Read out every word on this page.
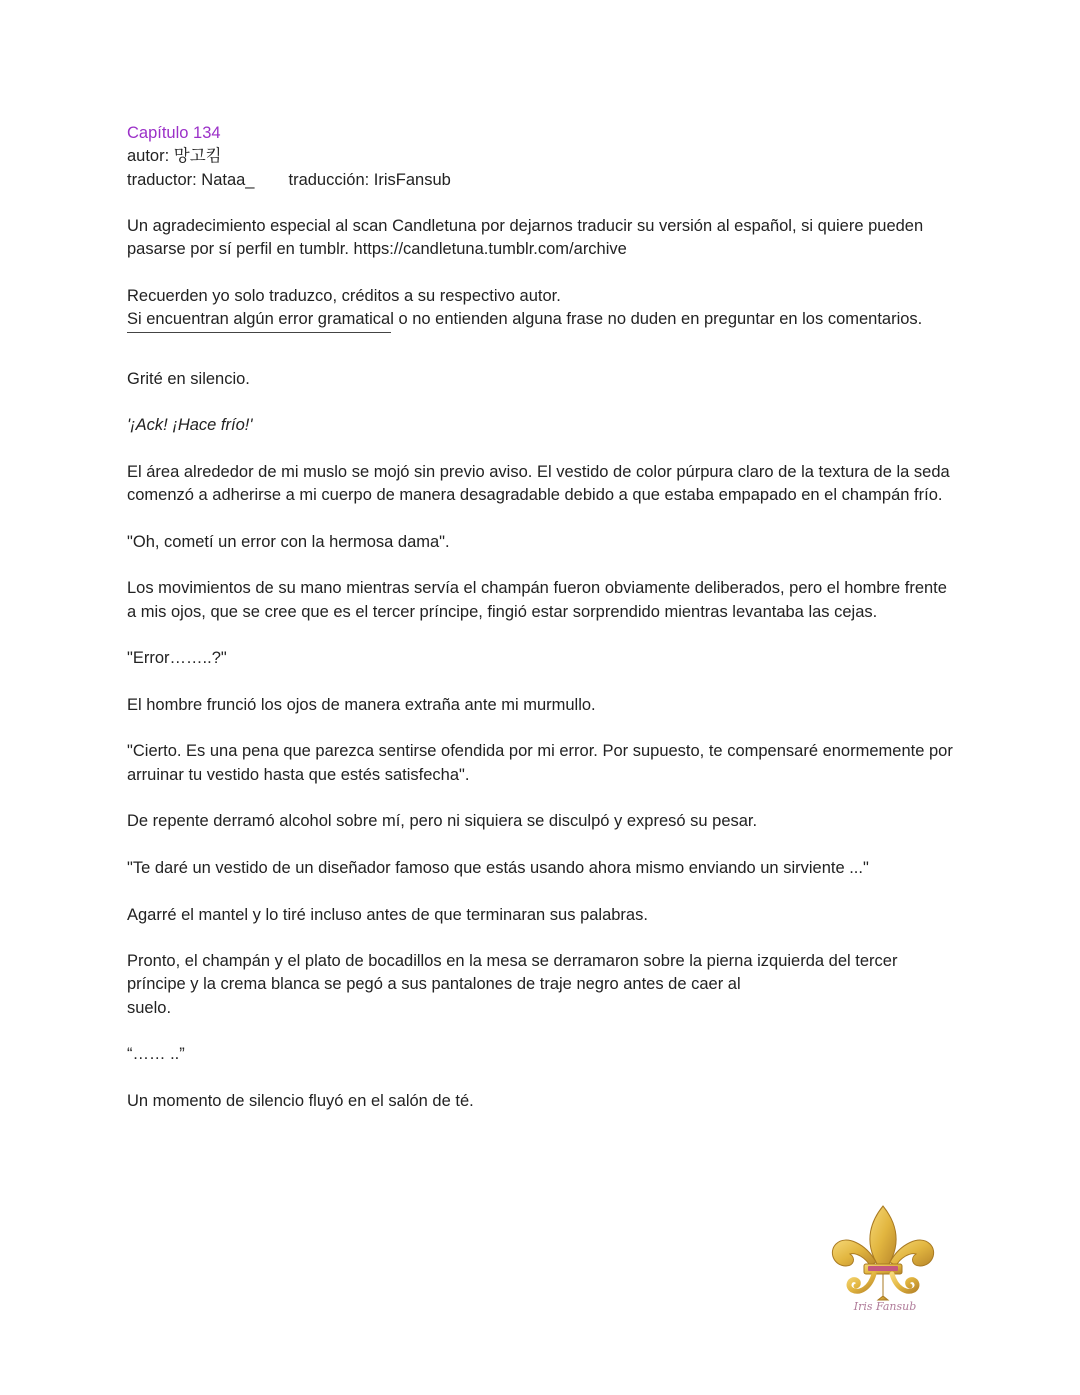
Capítulo 134

autor: 망고킴

traductor: Nataa_ traducción: IrisFansub

Un agradecimiento especial al scan Candletuna por dejarnos traducir su versión al español, si quiere pueden pasarse por sí perfil en tumblr. https://candletuna.tumblr.com/archive

Recuerden yo solo traduzco, créditos a su respectivo autor.

Si encuentran algún error gramatical o no entienden alguna frase no duden en preguntar en los comentarios.

Grité en silencio.

'¡Ack! ¡Hace frío!'

El área alrededor de mi muslo se mojó sin previo aviso. El vestido de color púrpura claro de la textura de la seda comenzó a adherirse a mi cuerpo de manera desagradable debido a que estaba empapado en el champán frío.

"Oh, cometí un error con la hermosa dama".

Los movimientos de su mano mientras servía el champán fueron obviamente deliberados, pero el hombre frente a mis ojos, que se cree que es el tercer príncipe, fingió estar sorprendido mientras levantaba las cejas.

"Error……..?"

El hombre frunció los ojos de manera extraña ante mi murmullo.

"Cierto. Es una pena que parezca sentirse ofendida por mi error. Por supuesto, te compensaré enormemente por arruinar tu vestido hasta que estés satisfecha".

De repente derramó alcohol sobre mí, pero ni siquiera se disculpó y expresó su pesar.

"Te daré un vestido de un diseñador famoso que estás usando ahora mismo enviando un sirviente ..."

Agarré el mantel y lo tiré incluso antes de que terminaran sus palabras.

Pronto, el champán y el plato de bocadillos en la mesa se derramaron sobre la pierna izquierda del tercer príncipe y la crema blanca se pegó a sus pantalones de traje negro antes de caer al
suelo.

“…… ..”

Un momento de silencio fluyó en el salón de té.

Iris Fansub
